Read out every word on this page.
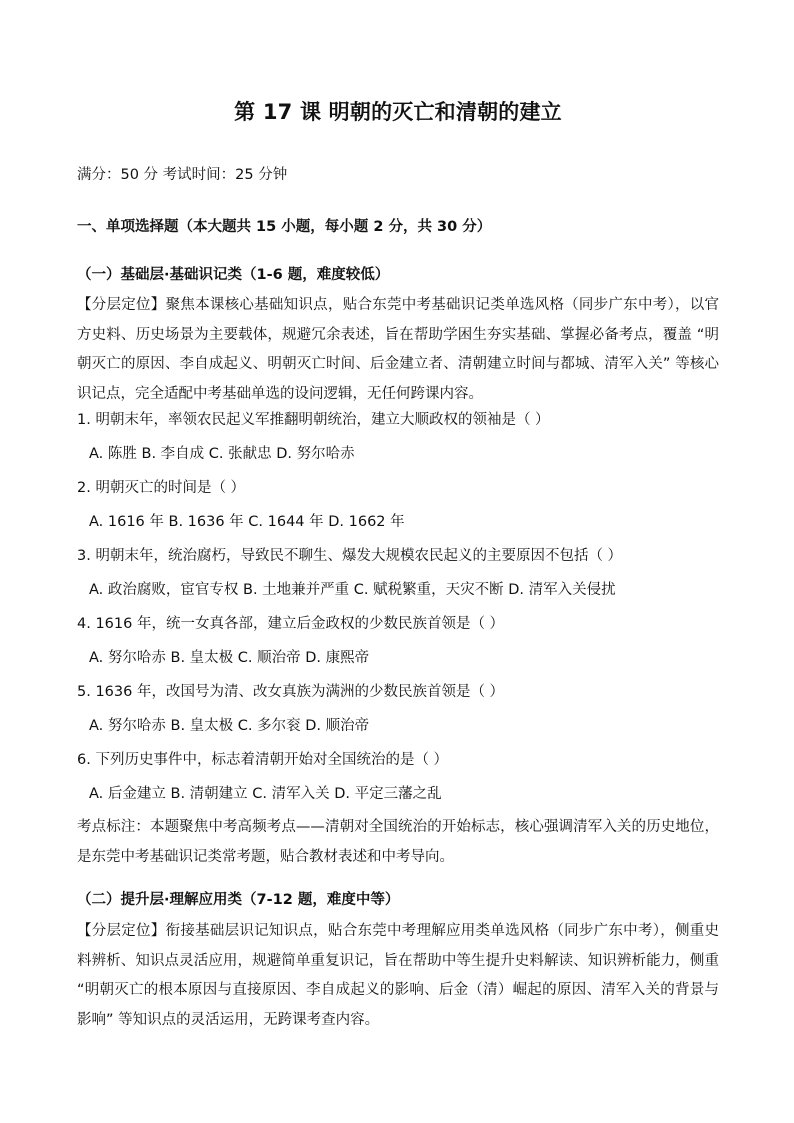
第 17 课 明朝的灭亡和清朝的建立
满分：50 分 考试时间：25 分钟
一、单项选择题（本大题共 15 小题，每小题 2 分，共 30 分）
（一）基础层·基础识记类（1-6 题，难度较低）
【分层定位】聚焦本课核心基础知识点，贴合东莞中考基础识记类单选风格（同步广东中考），以官方史料、历史场景为主要载体，规避冗余表述，旨在帮助学困生夯实基础、掌握必备考点，覆盖 “明朝灭亡的原因、李自成起义、明朝灭亡时间、后金建立者、清朝建立时间与都城、清军入关” 等核心识记点，完全适配中考基础单选的设问逻辑，无任何跨课内容。
1. 明朝末年，率领农民起义军推翻明朝统治，建立大顺政权的领袖是（ ）
A. 陈胜 B. 李自成 C. 张献忠 D. 努尔哈赤
2. 明朝灭亡的时间是（ ）
A. 1616 年 B. 1636 年 C. 1644 年 D. 1662 年
3. 明朝末年，统治腐朽，导致民不聊生、爆发大规模农民起义的主要原因不包括（ ）
A. 政治腐败，宦官专权 B. 土地兼并严重 C. 赋税繁重，天灾不断 D. 清军入关侵扰
4. 1616 年，统一女真各部，建立后金政权的少数民族首领是（ ）
A. 努尔哈赤 B. 皇太极 C. 顺治帝 D. 康熙帝
5. 1636 年，改国号为清、改女真族为满洲的少数民族首领是（ ）
A. 努尔哈赤 B. 皇太极 C. 多尔衮 D. 顺治帝
6. 下列历史事件中，标志着清朝开始对全国统治的是（ ）
A. 后金建立 B. 清朝建立 C. 清军入关 D. 平定三藩之乱
考点标注：本题聚焦中考高频考点——清朝对全国统治的开始标志，核心强调清军入关的历史地位，是东莞中考基础识记类常考题，贴合教材表述和中考导向。
（二）提升层·理解应用类（7-12 题，难度中等）
【分层定位】衔接基础层识记知识点，贴合东莞中考理解应用类单选风格（同步广东中考），侧重史料辨析、知识点灵活应用，规避简单重复识记，旨在帮助中等生提升史料解读、知识辨析能力，侧重 “明朝灭亡的根本原因与直接原因、李自成起义的影响、后金（清）崛起的原因、清军入关的背景与影响” 等知识点的灵活运用，无跨课考查内容。
